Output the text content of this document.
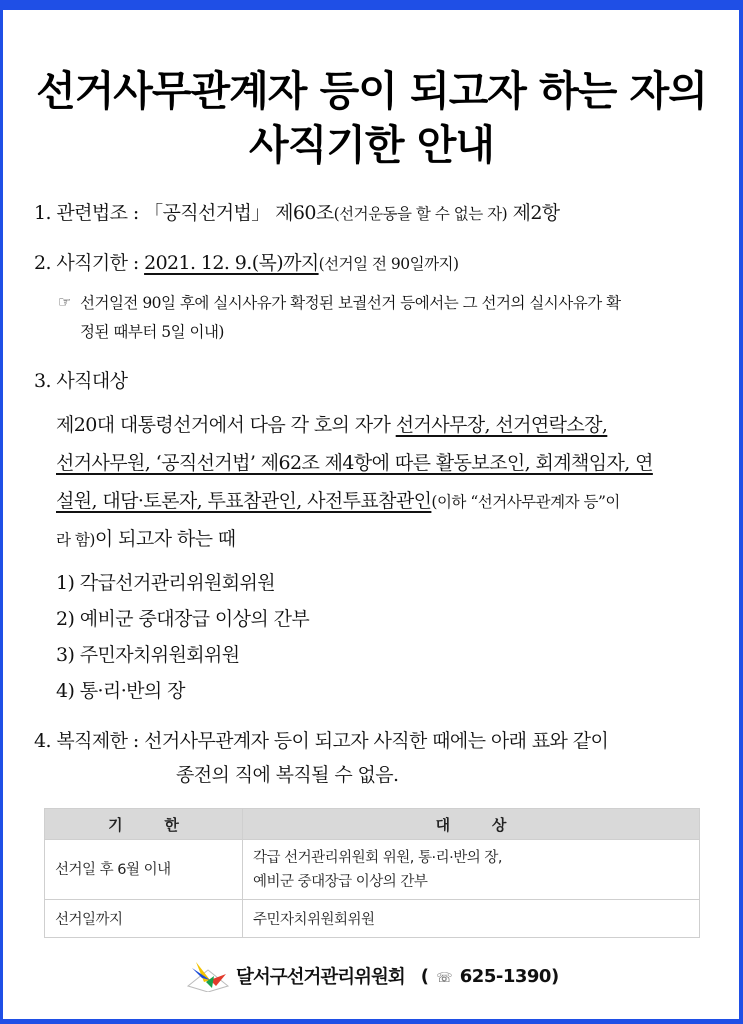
선거사무관계자 등이 되고자 하는 자의
사직기한 안내
1. 관련법조 : 「공직선거법」 제60조(선거운동을 할 수 없는 자) 제2항
2. 사직기한 : 2021. 12. 9.(목)까지(선거일 전 90일까지)
☞ 선거일전 90일 후에 실시사유가 확정된 보궐선거 등에서는 그 선거의 실시사유가 확
정된 때부터 5일 이내)
3. 사직대상
제20대 대통령선거에서 다음 각 호의 자가 선거사무장, 선거연락소장,
선거사무원, ‘공직선거법’ 제62조 제4항에 따른 활동보조인, 회계책임자, 연
설원, 대담·토론자, 투표참관인, 사전투표참관인(이하 “선거사무관계자 등”이
라 함)이 되고자 하는 때
1) 각급선거관리위원회위원
2) 예비군 중대장급 이상의 간부
3) 주민자치위원회위원
4) 통·리·반의 장
4. 복직제한 : 선거사무관계자 등이 되고자 사직한 때에는 아래 표와 같이
종전의 직에 복직될 수 없음.
기        한	대        상
선거일 후 6월 이내	각급 선거관리위원회 위원, 통·리·반의 장,
예비군 중대장급 이상의 간부

선거일까지	주민자치위원회위원
달서구선거관리위원회 ( ☏ 625-1390)
